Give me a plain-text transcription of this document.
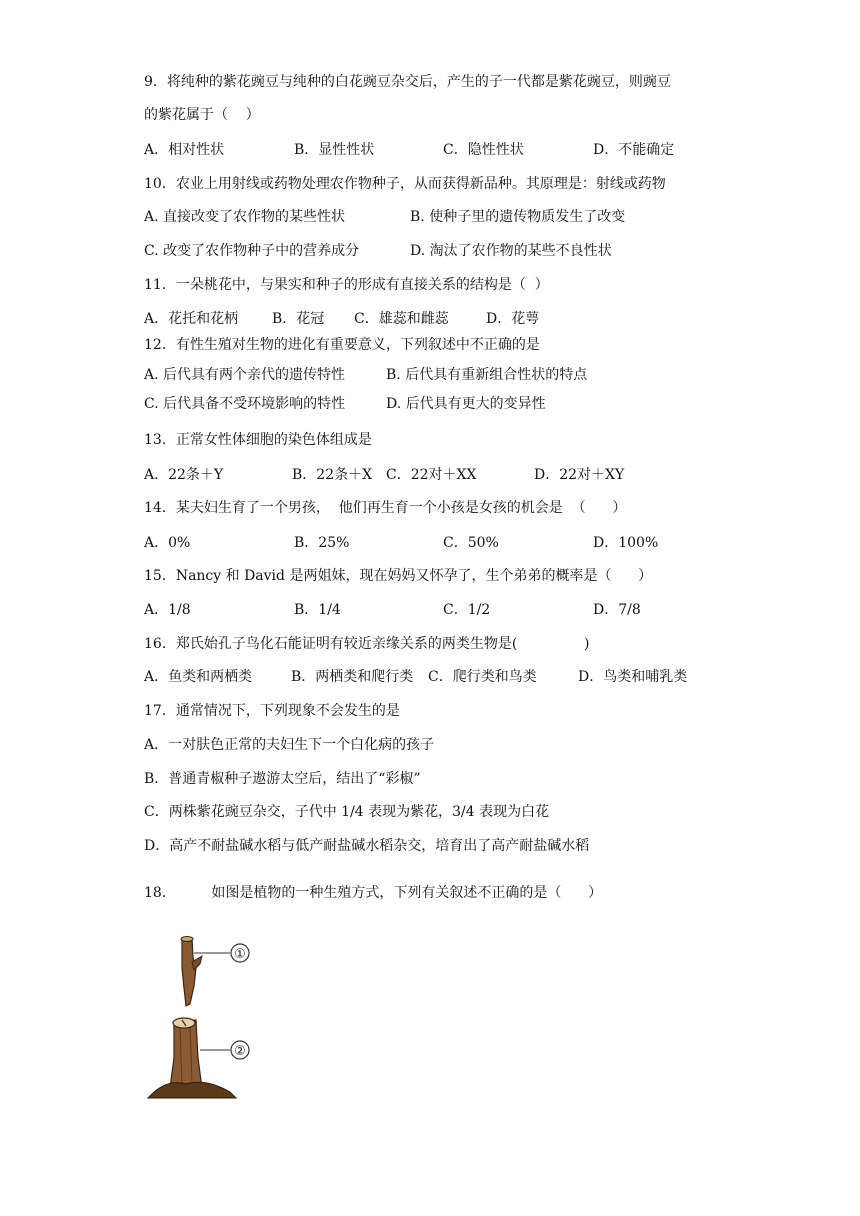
9．将纯种的紫花豌豆与纯种的白花豌豆杂交后，产生的子一代都是紫花豌豆，则豌豆
的紫花属于（    ）

A．相对性状

	B．显性性状

	C．隐性性状

	D．不能确定

10．农业上用射线或药物处理农作物种子，从而获得新品种。其原理是：射线或药物

A. 直接改变了农作物的某些性状

	B. 使种子里的遗传物质发生了改变

C. 改变了农作物种子中的营养成分

	D. 淘汰了农作物的某些不良性状

11．一朵桃花中，与果实和种子的形成有直接关系的结构是（  ）

A．花托和花柄

B．花冠

C．雄蕊和雌蕊

	D．花萼

12．有性生殖对生物的进化有重要意义，下列叙述中不正确的是

A. 后代具有两个亲代的遗传特性

	B. 后代具有重新组合性状的特点

C. 后代具备不受环境影响的特性

	D. 后代具有更大的变异性

13．正常女性体细胞的染色体组成是

A．22条＋Y

	B．22条＋X

C．22对＋XX

	D．22对＋XY

14．某夫妇生育了一个男孩，  他们再生育一个小孩是女孩的机会是  （      ）

A．0%

	B．25%

	C．50%

	D．100%

15．Nancy 和 David 是两姐妹，现在妈妈又怀孕了，生个弟弟的概率是（      ）

A．1/8

	B．1/4

	C．1/2

	D．7/8

16．郑氏始孔子鸟化石能证明有较近亲缘关系的两类生物是(               )

A．鱼类和两栖类

	B．两栖类和爬行类

C．爬行类和鸟类

	D．鸟类和哺乳类

17．通常情况下，下列现象不会发生的是
A．一对肤色正常的夫妇生下一个白化病的孩子
B．普通青椒种子遨游太空后，结出了“彩椒”
C．两株紫花豌豆杂交，子代中 1/4 表现为紫花，3/4 表现为白花
D．高产不耐盐碱水稻与低产耐盐碱水稻杂交，培育出了高产耐盐碱水稻
18．        如图是植物的一种生殖方式，下列有关叙述不正确的是（      ）
①
②
